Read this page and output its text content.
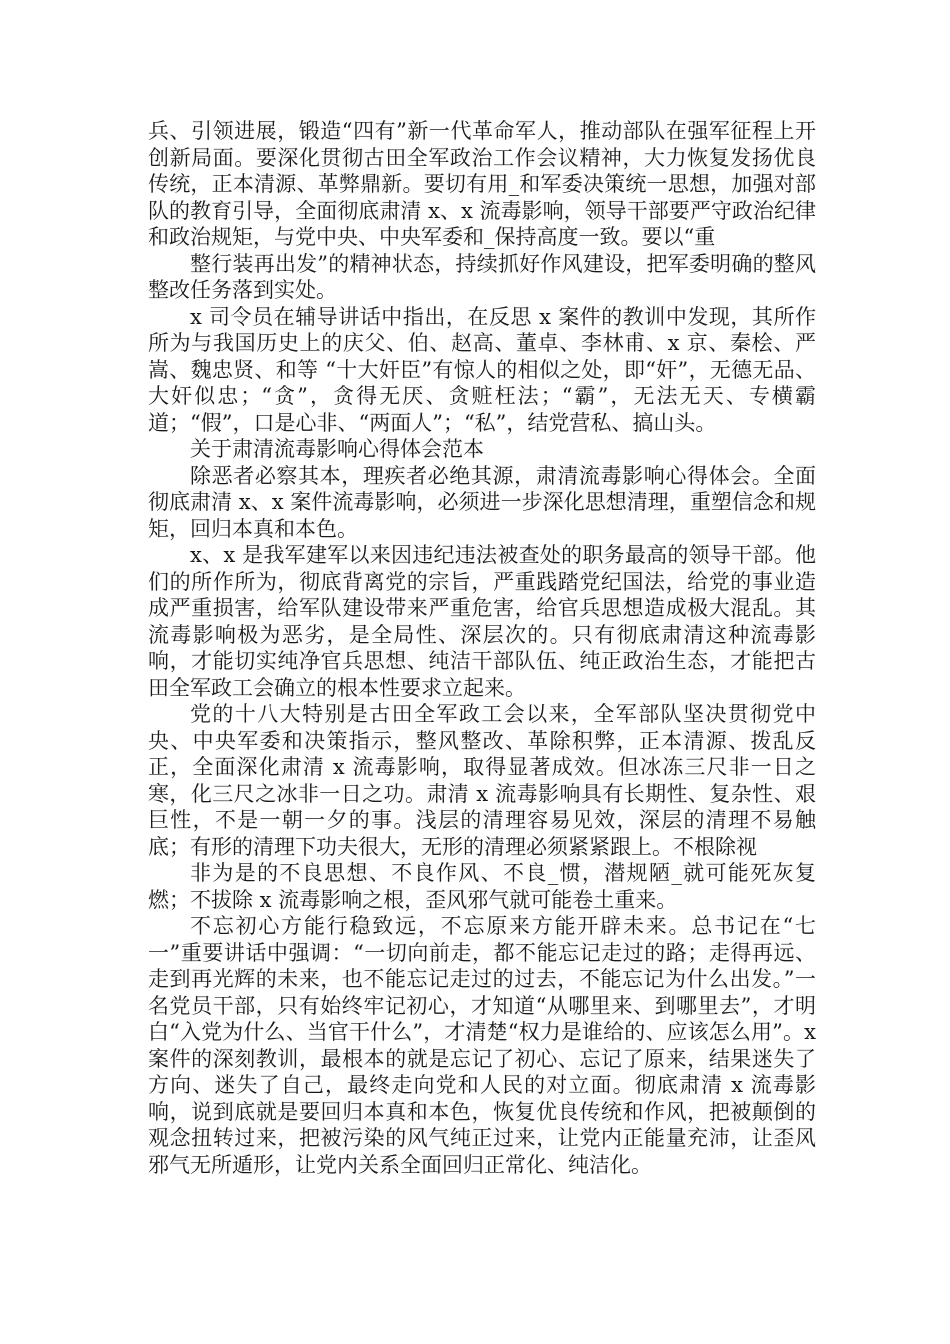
兵、引领进展，锻造“四有”新一代革命军人，推动部队在强军征程上开创新局面。要深化贯彻古田全军政治工作会议精神，大力恢复发扬优良传统，正本清源、革弊鼎新。要切有用_和军委决策统一思想，加强对部队的教育引导，全面彻底肃清 x、x 流毒影响，领导干部要严守政治纪律和政治规矩，与党中央、中央军委和_保持高度一致。要以“重

整行装再出发”的精神状态，持续抓好作风建设，把军委明确的整风整改任务落到实处。

x 司令员在辅导讲话中指出，在反思 x 案件的教训中发现，其所作所为与我国历史上的庆父、伯、赵高、董卓、李林甫、x 京、秦桧、严嵩、魏忠贤、和等 “十大奸臣”有惊人的相似之处，即“奸”，无德无品、大奸似忠；“贪”，贪得无厌、贪赃枉法；“霸”，无法无天、专横霸道；“假”，口是心非、“两面人”；“私”，结党营私、搞山头。

关于肃清流毒影响心得体会范本

除恶者必察其本，理疾者必绝其源，肃清流毒影响心得体会。全面彻底肃清 x、x 案件流毒影响，必须进一步深化思想清理，重塑信念和规矩，回归本真和本色。

x、x 是我军建军以来因违纪违法被查处的职务最高的领导干部。他们的所作所为，彻底背离党的宗旨，严重践踏党纪国法，给党的事业造成严重损害，给军队建设带来严重危害，给官兵思想造成极大混乱。其流毒影响极为恶劣，是全局性、深层次的。只有彻底肃清这种流毒影响，才能切实纯净官兵思想、纯洁干部队伍、纯正政治生态，才能把古田全军政工会确立的根本性要求立起来。

党的十八大特别是古田全军政工会以来，全军部队坚决贯彻党中央、中央军委和决策指示，整风整改、革除积弊，正本清源、拨乱反正，全面深化肃清 x 流毒影响，取得显著成效。但冰冻三尺非一日之寒，化三尺之冰非一日之功。肃清 x 流毒影响具有长期性、复杂性、艰巨性，不是一朝一夕的事。浅层的清理容易见效，深层的清理不易触底；有形的清理下功夫很大，无形的清理必须紧紧跟上。不根除视

非为是的不良思想、不良作风、不良_惯，潜规陋_就可能死灰复燃；不拔除 x 流毒影响之根，歪风邪气就可能卷土重来。

不忘初心方能行稳致远，不忘原来方能开辟未来。总书记在“七一”重要讲话中强调：“一切向前走，都不能忘记走过的路；走得再远、走到再光辉的未来，也不能忘记走过的过去，不能忘记为什么出发。”一名党员干部，只有始终牢记初心，才知道“从哪里来、到哪里去”，才明白“入党为什么、当官干什么”，才清楚“权力是谁给的、应该怎么用”。x 案件的深刻教训，最根本的就是忘记了初心、忘记了原来，结果迷失了方向、迷失了自己，最终走向党和人民的对立面。彻底肃清 x 流毒影响，说到底就是要回归本真和本色，恢复优良传统和作风，把被颠倒的观念扭转过来，把被污染的风气纯正过来，让党内正能量充沛，让歪风邪气无所遁形，让党内关系全面回归正常化、纯洁化。
